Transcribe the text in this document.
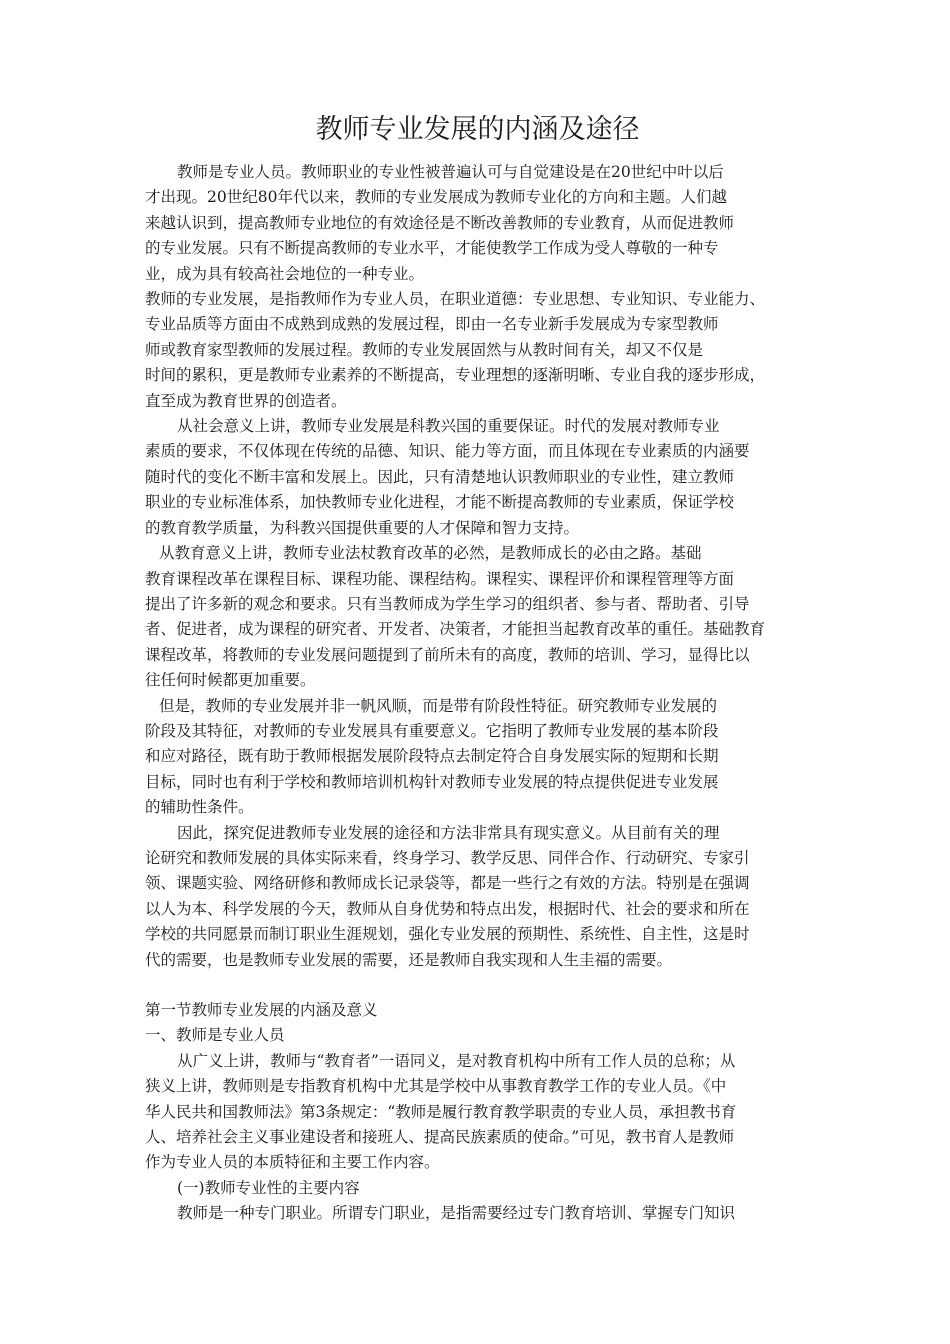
教师专业发展的内涵及途径
教师是专业人员。教师职业的专业性被普遍认可与自觉建设是在20世纪中叶以后
才出现。20世纪80年代以来，教师的专业发展成为教师专业化的方向和主题。人们越
来越认识到，提高教师专业地位的有效途径是不断改善教师的专业教育，从而促进教师
的专业发展。只有不断提高教师的专业水平，才能使教学工作成为受人尊敬的一种专
业，成为具有较高社会地位的一种专业。
教师的专业发展，是指教师作为专业人员，在职业道德：专业思想、专业知识、专业能力、
专业品质等方面由不成熟到成熟的发展过程，即由一名专业新手发展成为专家型教师
师或教育家型教师的发展过程。教师的专业发展固然与从教时间有关，却又不仅是
时间的累积，更是教师专业素养的不断提高，专业理想的逐渐明晰、专业自我的逐步形成，
直至成为教育世界的创造者。
从社会意义上讲，教师专业发展是科教兴国的重要保证。时代的发展对教师专业
素质的要求，不仅体现在传统的品德、知识、能力等方面，而且体现在专业素质的内涵要
随时代的变化不断丰富和发展上。因此，只有清楚地认识教师职业的专业性，建立教师
职业的专业标准体系，加快教师专业化进程，才能不断提高教师的专业素质，保证学校
的教育教学质量，为科教兴国提供重要的人才保障和智力支持。
从教育意义上讲，教师专业法杖教育改革的必然，是教师成长的必由之路。基础
教育课程改革在课程目标、课程功能、课程结构。课程实、课程评价和课程管理等方面
提出了许多新的观念和要求。只有当教师成为学生学习的组织者、参与者、帮助者、引导
者、促进者，成为课程的研究者、开发者、决策者，才能担当起教育改革的重任。基础教育
课程改革，将教师的专业发展问题提到了前所未有的高度，教师的培训、学习，显得比以
往任何时候都更加重要。
但是，教师的专业发展并非一帆风顺，而是带有阶段性特征。研究教师专业发展的
阶段及其特征，对教师的专业发展具有重要意义。它指明了教师专业发展的基本阶段
和应对路径，既有助于教师根据发展阶段特点去制定符合自身发展实际的短期和长期
目标，同时也有利于学校和教师培训机构针对教师专业发展的特点提供促进专业发展
的辅助性条件。
因此，探究促进教师专业发展的途径和方法非常具有现实意义。从目前有关的理
论研究和教师发展的具体实际来看，终身学习、教学反思、同伴合作、行动研究、专家引
领、课题实验、网络研修和教师成长记录袋等，都是一些行之有效的方法。特别是在强调
以人为本、科学发展的今天，教师从自身优势和特点出发，根据时代、社会的要求和所在
学校的共同愿景而制订职业生涯规划，强化专业发展的预期性、系统性、自主性，这是时
代的需要，也是教师专业发展的需要，还是教师自我实现和人生圭福的需要。
第一节教师专业发展的内涵及意义
一、教师是专业人员
从广义上讲，教师与“教育者”一语同义，是对教育机构中所有工作人员的总称；从
狭义上讲，教师则是专指教育机构中尤其是学校中从事教育教学工作的专业人员。《中
华人民共和国教师法》第3条规定：“教师是履行教育教学职责的专业人员，承担教书育
人、培养社会主义事业建设者和接班人、提高民族素质的使命。”可见，教书育人是教师
作为专业人员的本质特征和主要工作内容。
(一)教师专业性的主要内容
教师是一种专门职业。所谓专门职业，是指需要经过专门教育培训、掌握专门知识
